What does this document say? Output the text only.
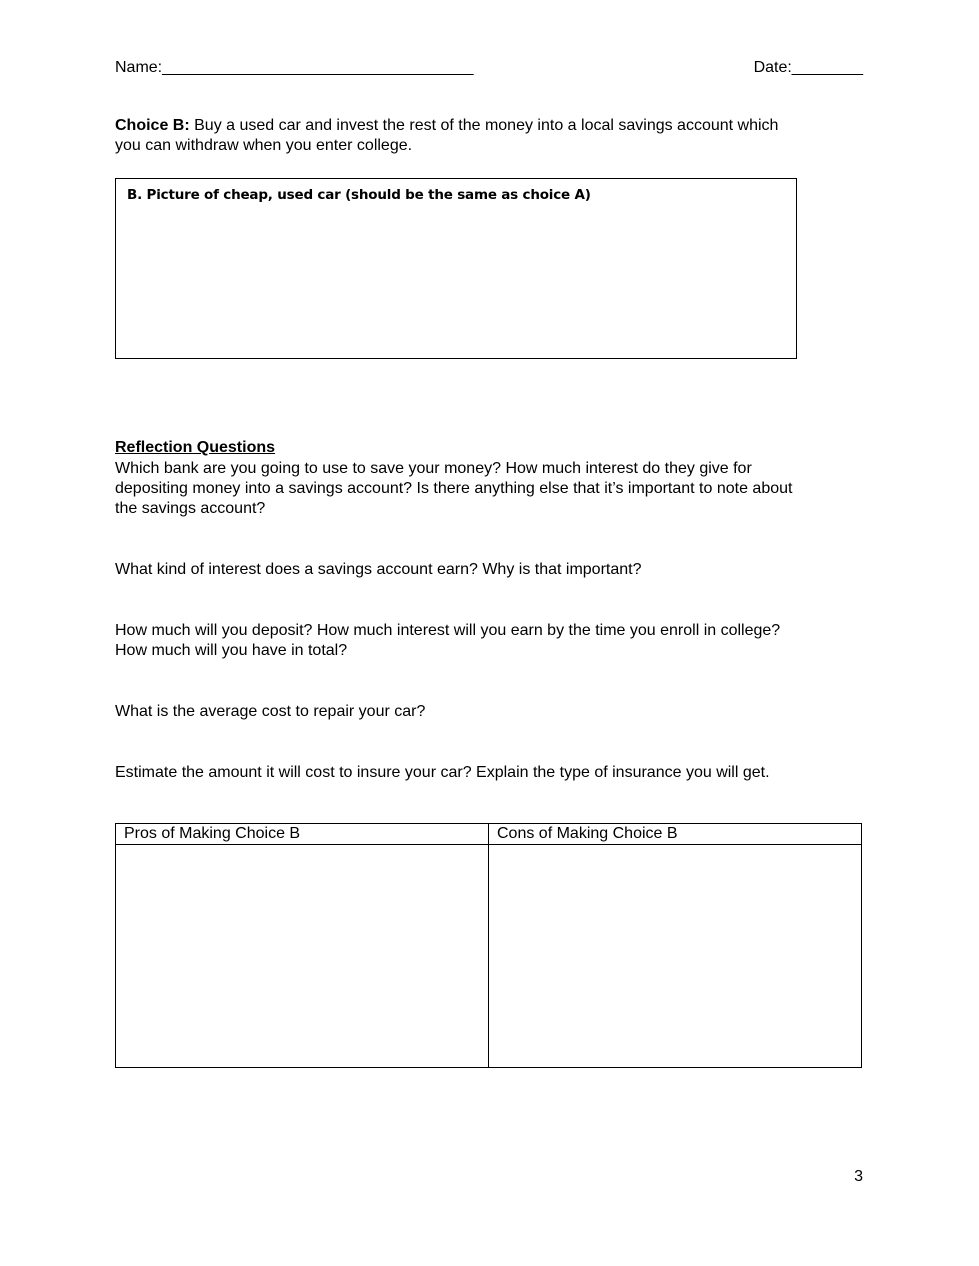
Name:___________________________________	Date:________
Choice B: Buy a used car and invest the rest of the money into a local savings account which
you can withdraw when you enter college.
B. Picture of cheap, used car (should be the same as choice A)
Reflection Questions
Which bank are you going to use to save your money? How much interest do they give for
depositing money into a savings account? Is there anything else that it’s important to note about
the savings account?
What kind of interest does a savings account earn? Why is that important?
How much will you deposit? How much interest will you earn by the time you enroll in college?
How much will you have in total?
What is the average cost to repair your car?
Estimate the amount it will cost to insure your car? Explain the type of insurance you will get.
Pros of Making Choice B	Cons of Making Choice B

3
